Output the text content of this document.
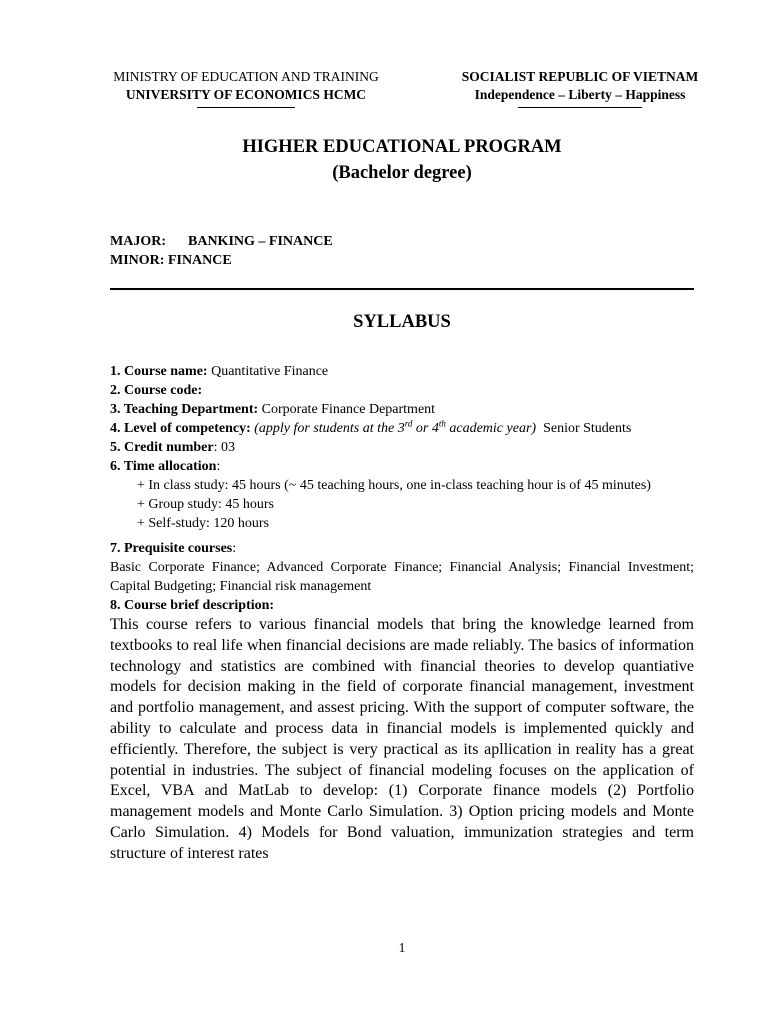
MINISTRY OF EDUCATION AND TRAINING
UNIVERSITY OF ECONOMICS HCMC
SOCIALIST REPUBLIC OF VIETNAM
Independence – Liberty – Happiness
HIGHER EDUCATIONAL PROGRAM
(Bachelor degree)
MAJOR: BANKING – FINANCE
MINOR: FINANCE
SYLLABUS

1. Course name: Quantitative Finance

2. Course code:

3. Teaching Department: Corporate Finance Department

4. Level of competency: (apply for students at the 3rd or 4th academic year) Senior Students

5. Credit number: 03

6. Time allocation:

+ In class study: 45 hours (~ 45 teaching hours, one in-class teaching hour is of 45 minutes)

+ Group study: 45 hours

+ Self-study: 120 hours

7. Prequisite courses:

Basic Corporate Finance; Advanced Corporate Finance; Financial Analysis; Financial Investment; Capital Budgeting; Financial risk management

8. Course brief description:

This course refers to various financial models that bring the knowledge learned from textbooks to real life when financial decisions are made reliably. The basics of information technology and statistics are combined with financial theories to develop quantiative models for decision making in the field of corporate financial management, investment and portfolio management, and assest pricing. With the support of computer software, the ability to calculate and process data in financial models is implemented quickly and efficiently. Therefore, the subject is very practical as its apllication in reality has a great potential in industries. The subject of financial modeling focuses on the application of Excel, VBA and MatLab to develop: (1) Corporate finance models (2) Portfolio management models and Monte Carlo Simulation. 3) Option pricing models and Monte Carlo Simulation. 4) Models for Bond valuation, immunization strategies and term structure of interest rates

1
